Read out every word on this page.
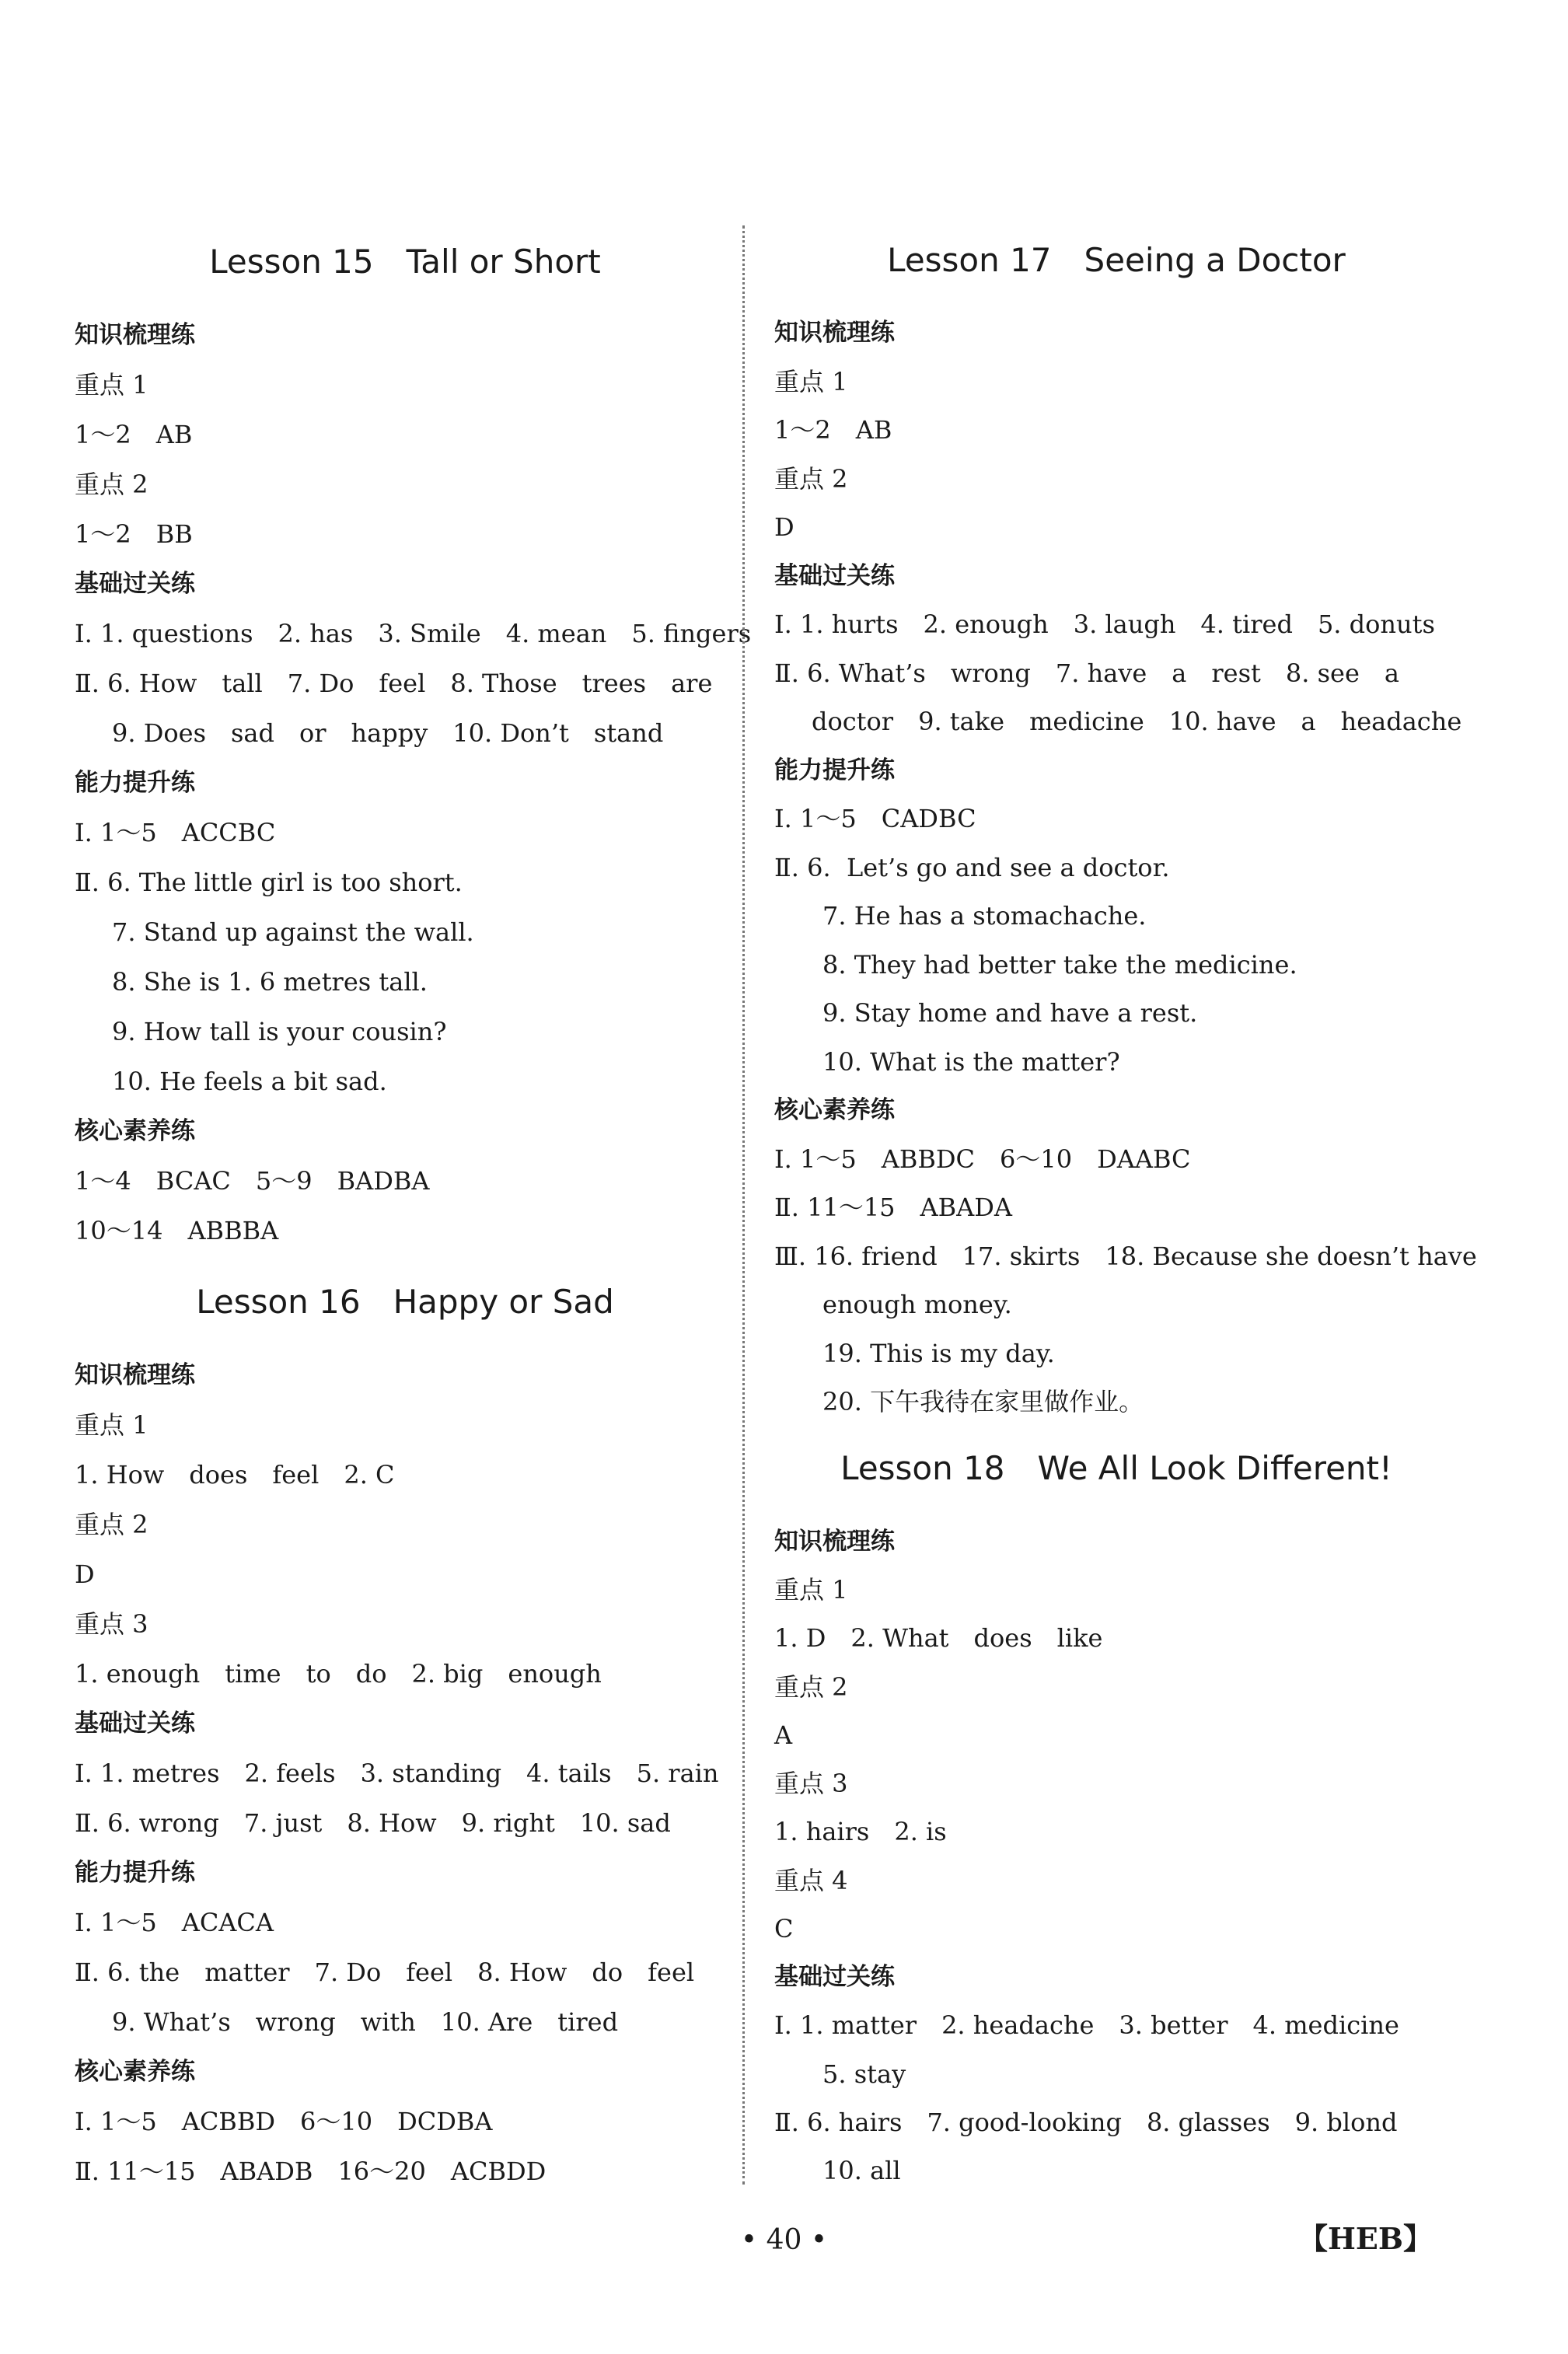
Lesson 15　Tall or Short
知识梳理练
重点 1
1～2　AB
重点 2
1～2　BB
基础过关练
Ⅰ. 1. questions　2. has　3. Smile　4. mean　5. fingers
Ⅱ. 6. How　tall　7. Do　feel　8. Those　trees　are
9. Does　sad　or　happy　10. Don’t　stand
能力提升练
Ⅰ. 1～5　ACCBC
Ⅱ. 6. The little girl is too short.
7. Stand up against the wall.
8. She is 1. 6 metres tall.
9. How tall is your cousin?
10. He feels a bit sad.
核心素养练
1～4　BCAC　5～9　BADBA
10～14　ABBBA
Lesson 16　Happy or Sad
知识梳理练
重点 1
1. How　does　feel　2. C
重点 2
D
重点 3
1. enough　time　to　do　2. big　enough
基础过关练
Ⅰ. 1. metres　2. feels　3. standing　4. tails　5. rain
Ⅱ. 6. wrong　7. just　8. How　9. right　10. sad
能力提升练
Ⅰ. 1～5　ACACA
Ⅱ. 6. the　matter　7. Do　feel　8. How　do　feel
9. What’s　wrong　with　10. Are　tired
核心素养练
Ⅰ. 1～5　ACBBD　6～10　DCDBA
Ⅱ. 11～15　ABADB　16～20　ACBDD
Lesson 17　Seeing a Doctor
知识梳理练
重点 1
1～2　AB
重点 2
D
基础过关练
Ⅰ. 1. hurts　2. enough　3. laugh　4. tired　5. donuts
Ⅱ. 6. What’s　wrong　7. have　a　rest　8. see　a
doctor　9. take　medicine　10. have　a　headache
能力提升练
Ⅰ. 1～5　CADBC
Ⅱ. 6.  Let’s go and see a doctor.
7. He has a stomachache.
8. They had better take the medicine.
9. Stay home and have a rest.
10. What is the matter?
核心素养练
Ⅰ. 1～5　ABBDC　6～10　DAABC
Ⅱ. 11～15　ABADA
Ⅲ. 16. friend　17. skirts　18. Because she doesn’t have
enough money.
19. This is my day.
20. 下午我待在家里做作业。
Lesson 18　We All Look Different!
知识梳理练
重点 1
1. D　2. What　does　like
重点 2
A
重点 3
1. hairs　2. is
重点 4
C
基础过关练
Ⅰ. 1. matter　2. headache　3. better　4. medicine
5. stay
Ⅱ. 6. hairs　7. good-looking　8. glasses　9. blond
10. all
• 40 •	【HEB】
